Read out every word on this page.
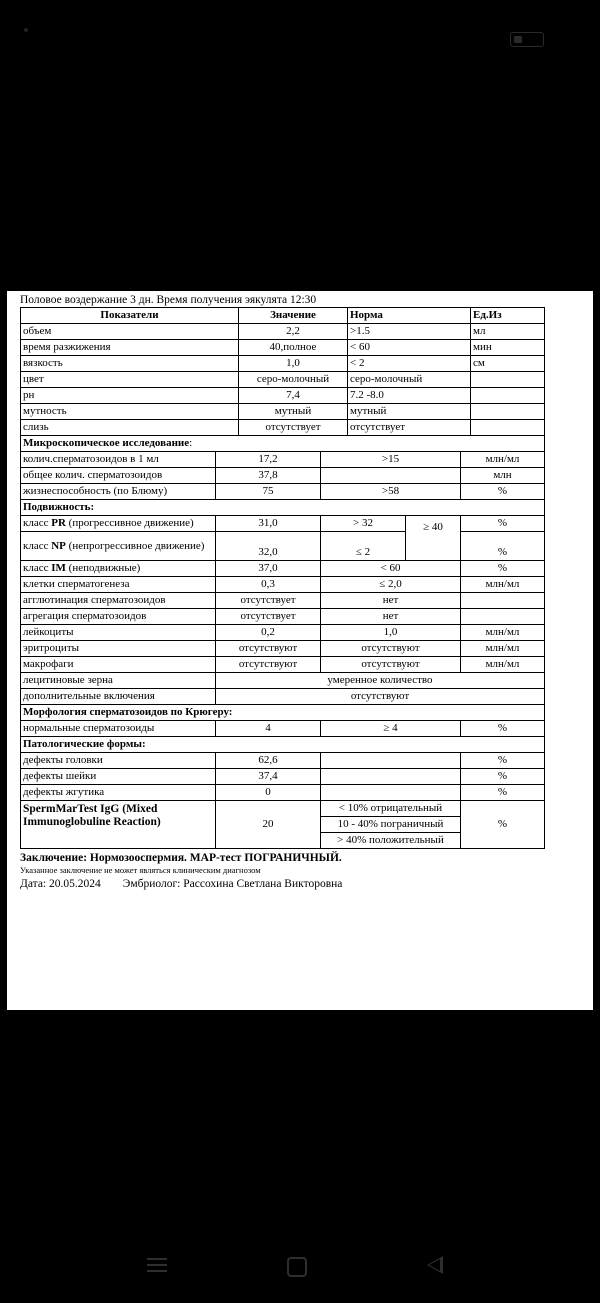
Половое воздержание 3 дн. Время получения эякулята 12:30
Показатели	Значение	Норма	Ед.Из
объем	2,2	>1.5	мл
время разжижения	40,полное	< 60	мин
вязкость	1,0	< 2	см
цвет	серо-молочный	серо-молочный	
рн	7,4	7.2 -8.0	
мутность	мутный	мутный	
слизь	отсутствует	отсутствует	
Микроскопическое исследование:				
колич.сперматозоидов в 1 мл	17,2	>15		млн/мл
общее колич. сперматозоидов	37,8			млн
жизнеспособность (по Блюму)	75	>58		%
Подвижность:				
класс PR (прогрессивное движение)	31,0	> 32	≥ 40	%
класс NP (непрогрессивное движение)	32,0	≤ 2		%
класс IM (неподвижные)	37,0	< 60		%
клетки сперматогенеза	0,3	≤ 2,0		млн/мл
агглютинация сперматозоидов	отсутствует	нет		
агрегация сперматозоидов	отсутствует	нет		
лейкоциты	0,2	1,0		млн/мл
эритроциты	отсутствуют	отсутствуют		млн/мл
макрофаги	отсутствуют	отсутствуют		млн/мл
лецитиновые зерна	умеренное количество			
дополнительные включения	отсутствуют			
Морфология сперматозоидов по Крюгеру:				
нормальные сперматозоиды	4	≥ 4		%
Патологические формы:				
дефекты головки	62,6			%
дефекты шейки	37,4			%
дефекты жгутика	0			%
SpermMarTest IgG (Mixed Immunoglobuline Reaction)	20	< 10% отрицательный		%
		10 - 40% пограничный		
		> 40% положительный		
Заключение: Нормозооспермия. МАР-тест ПОГРАНИЧНЫЙ.
Указанное заключение не может являться клиническим диагнозом
Дата: 20.05.2024 Эмбриолог: Рассохина Светлана Викторовна
